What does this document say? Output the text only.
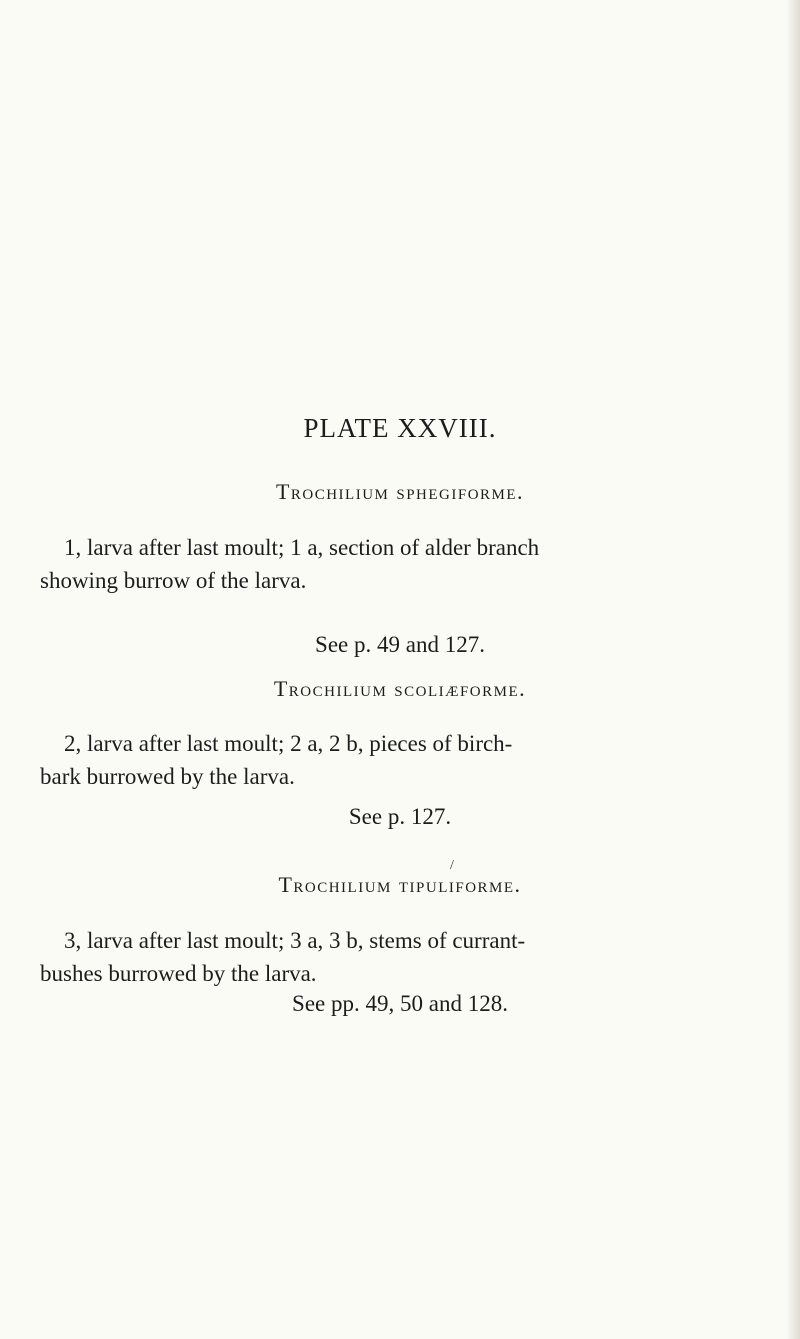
PLATE XXVIII.
Trochilium sphegiforme.
1, larva after last moult; 1 a, section of alder branch
showing burrow of the larva.
See p. 49 and 127.
Trochilium scoliæforme.
2, larva after last moult; 2 a, 2 b, pieces of birch-
bark burrowed by the larva.
See p. 127.
/
Trochilium tipuliforme.
3, larva after last moult; 3 a, 3 b, stems of currant-
bushes burrowed by the larva.
See pp. 49, 50 and 128.
